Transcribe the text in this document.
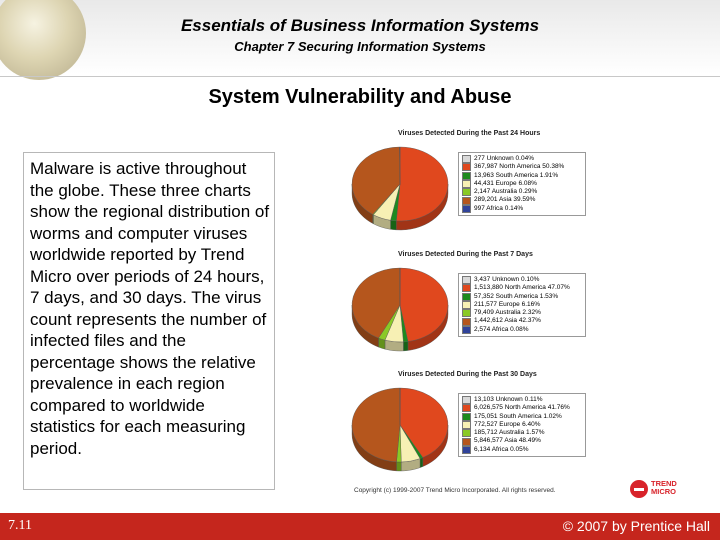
Essentials of Business Information Systems
Chapter 7 Securing Information Systems
System Vulnerability and Abuse
Malware is active throughout the globe. These three charts show the regional distribution of worms and computer viruses worldwide reported by Trend Micro over periods of 24 hours, 7 days, and 30 days. The virus count represents the number of infected files and the percentage shows the relative prevalence in each region compared to worldwide statistics for each measuring period.
Viruses Detected During the Past 24 Hours
277 Unknown 0.04%
367,987 North America 50.38%
13,963 South America 1.91%
44,431 Europe 6.08%
2,147 Australia 0.29%
289,201 Asia 39.59%
997 Africa 0.14%
Viruses Detected During the Past 7 Days
3,437 Unknown 0.10%
1,513,880 North America 47.07%
57,352 South America 1.53%
211,577 Europe 6.16%
79,409 Australia 2.32%
1,442,612 Asia 42.37%
2,574 Africa 0.08%
Viruses Detected During the Past 30 Days
13,103 Unknown 0.11%
6,026,575 North America 41.76%
175,051 South America 1.02%
772,527 Europe 6.40%
185,712 Australia 1.57%
5,846,577 Asia 48.49%
6,134 Africa 0.05%
Copyright (c) 1999-2007 Trend Micro Incorporated. All rights reserved.
TREND
MICRO
7.11	© 2007 by Prentice Hall
